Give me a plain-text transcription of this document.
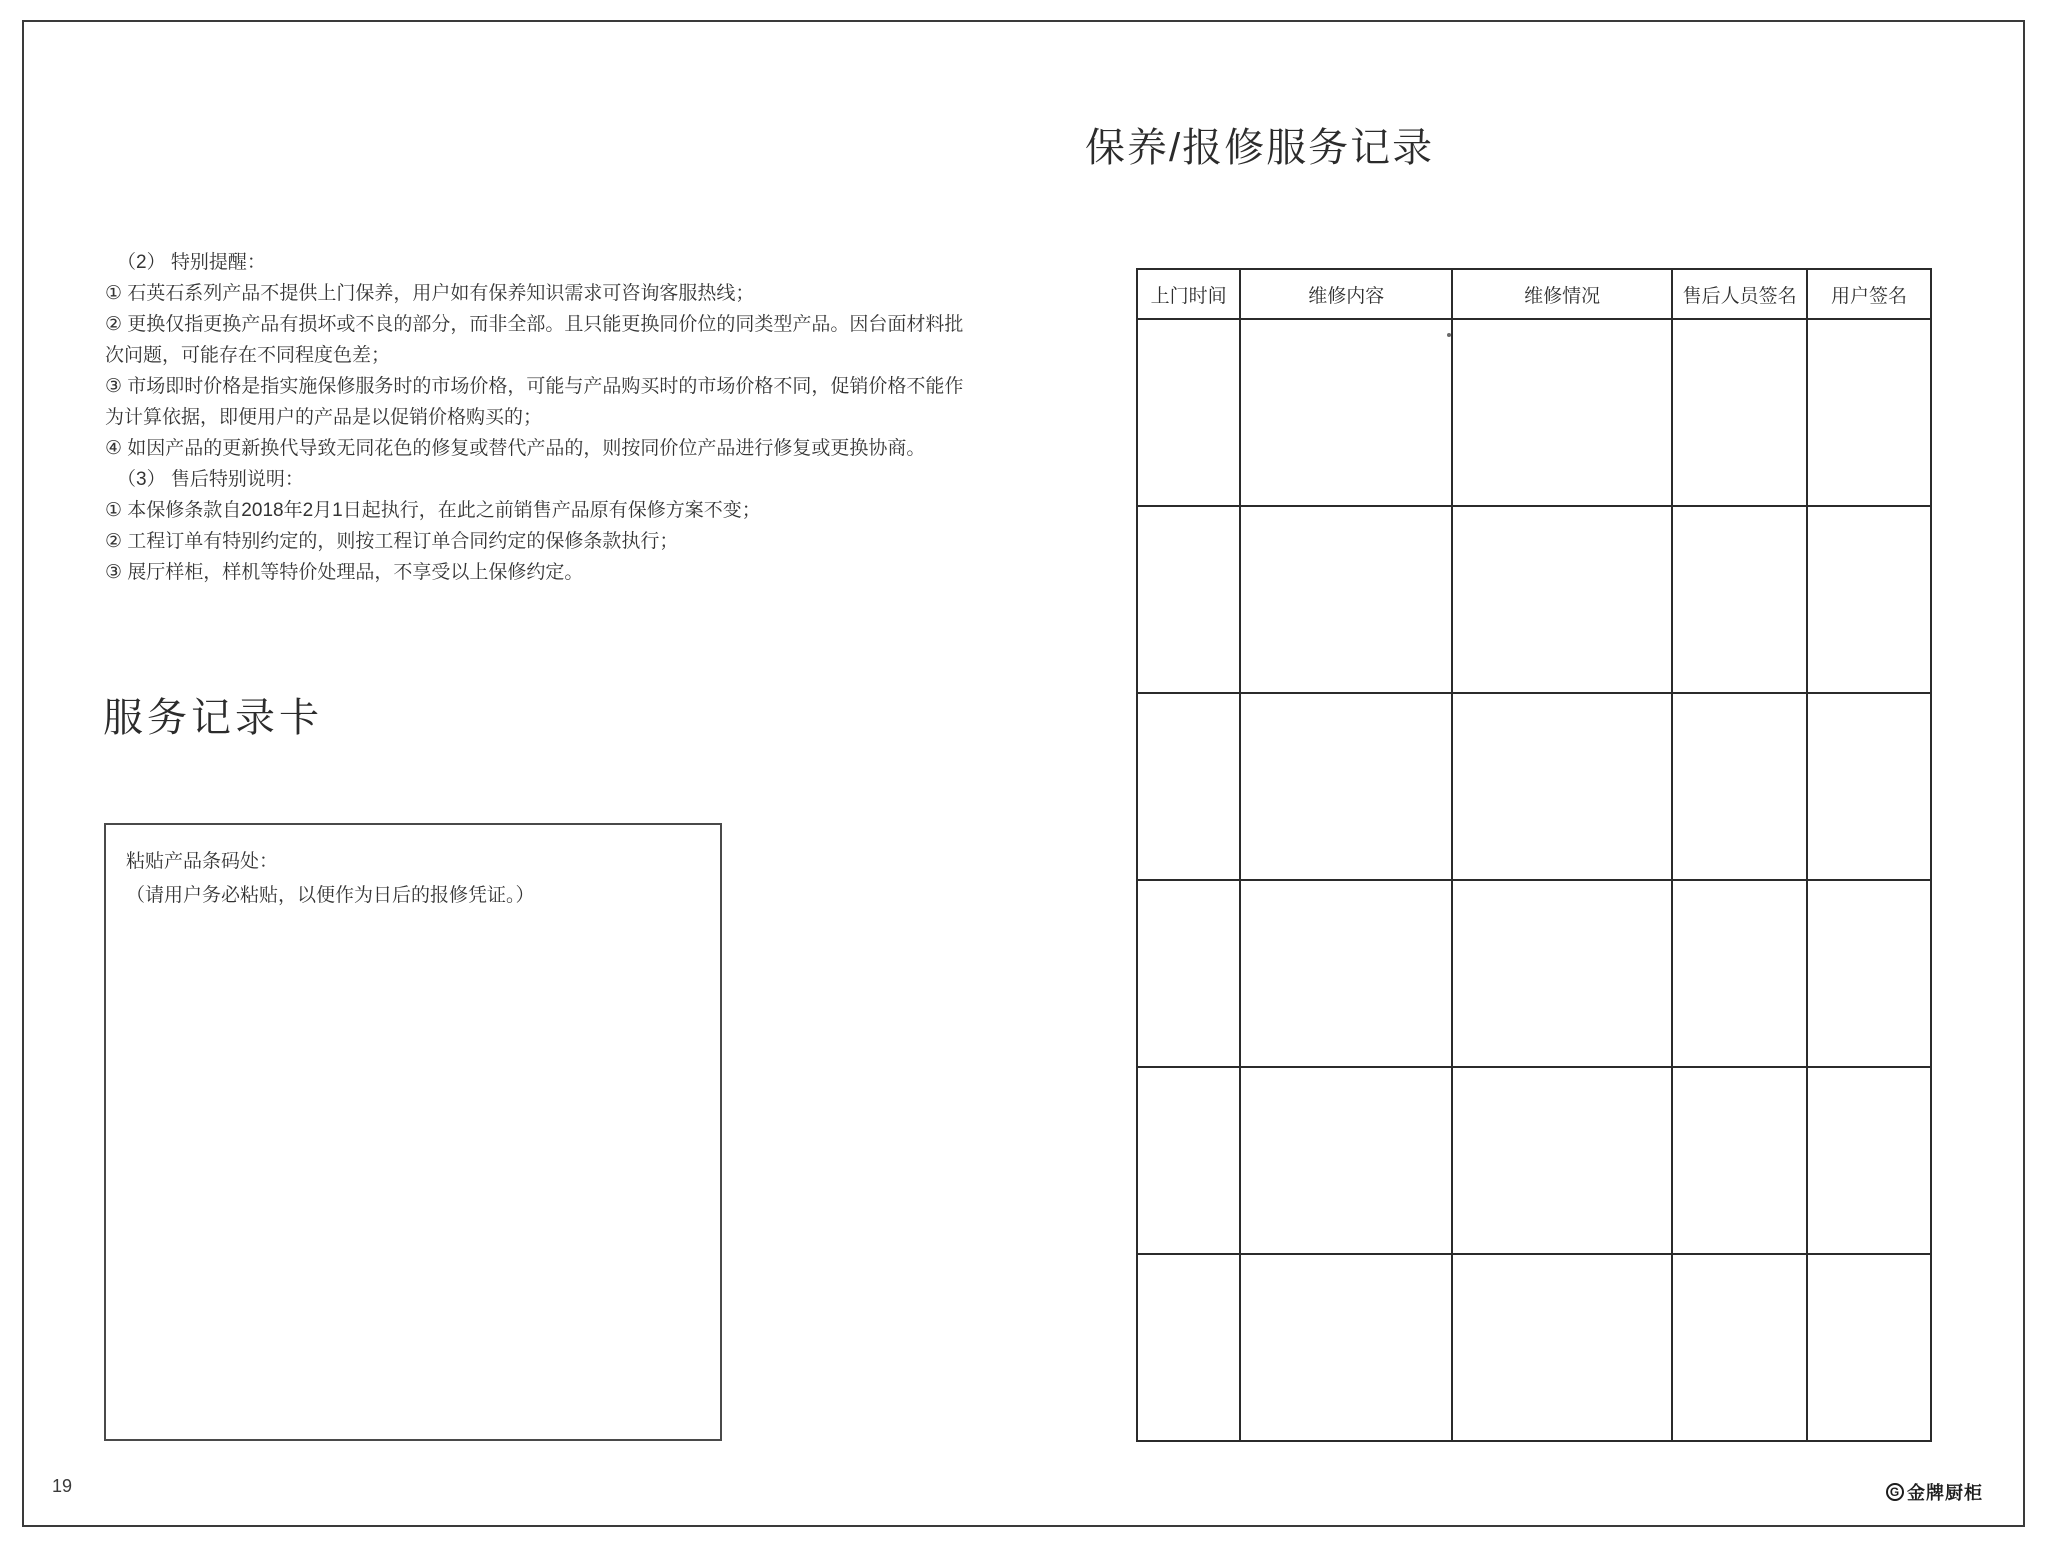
（2） 特别提醒：
① 石英石系列产品不提供上门保养，用户如有保养知识需求可咨询客服热线；
② 更换仅指更换产品有损坏或不良的部分，而非全部。且只能更换同价位的同类型产品。因台面材料批
次问题，可能存在不同程度色差；
③ 市场即时价格是指实施保修服务时的市场价格，可能与产品购买时的市场价格不同，促销价格不能作
为计算依据，即便用户的产品是以促销价格购买的；
④ 如因产品的更新换代导致无同花色的修复或替代产品的，则按同价位产品进行修复或更换协商。
（3） 售后特别说明：
① 本保修条款自2018年2月1日起执行，在此之前销售产品原有保修方案不变；
② 工程订单有特别约定的，则按工程订单合同约定的保修条款执行；
③ 展厅样柜，样机等特价处理品，不享受以上保修约定。
服务记录卡
粘贴产品条码处：
（请用户务必粘贴，以便作为日后的报修凭证。）
保养/报修服务记录
上门时间	维修内容	维修情况	售后人员签名	用户签名

19	G 金牌厨柜
